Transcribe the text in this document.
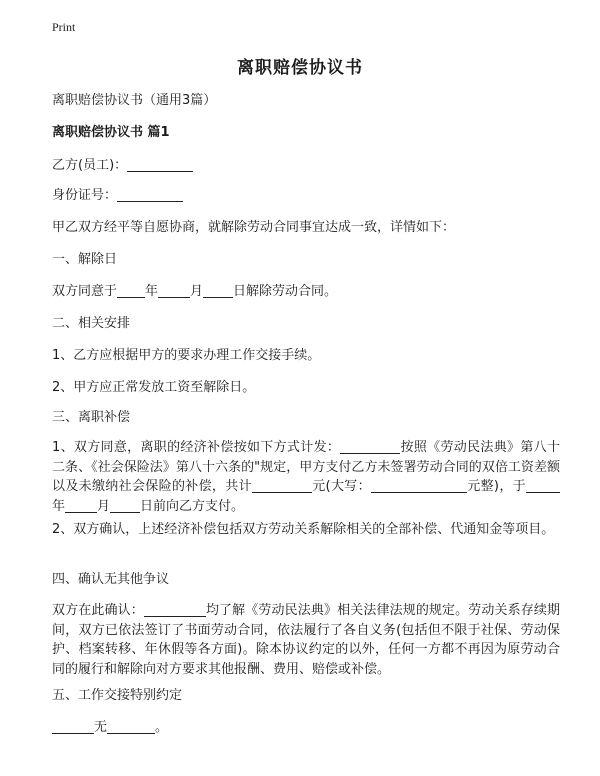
Print
离职赔偿协议书
离职赔偿协议书（通用3篇）
离职赔偿协议书 篇1
乙方(员工)：
身份证号：
甲乙双方经平等自愿协商，就解除劳动合同事宜达成一致，详情如下：
一、解除日
双方同意于 年 月 日解除劳动合同。
二、相关安排
1、乙方应根据甲方的要求办理工作交接手续。
2、甲方应正常发放工资至解除日。
三、离职补偿
1、双方同意，离职的经济补偿按如下方式计发：	按照《劳动民法典》第八十二条、《社会保险法》第八十六条的"规定，甲方支付乙方未签署劳动合同的双倍工资差额以及未缴纳社会保险的补偿，共计	元(大写：	元整)，于年 月 日前向乙方支付。
2、双方确认，上述经济补偿包括双方劳动关系解除相关的全部补偿、代通知金等项目。
四、确认无其他争议
双方在此确认：	均了解《劳动民法典》相关法律法规的规定。劳动关系存续期间，双方已依法签订了书面劳动合同，依法履行了各自义务(包括但不限于社保、劳动保护、档案转移、年休假等各方面)。除本协议约定的以外，任何一方都不再因为原劳动合同的履行和解除向对方要求其他报酬、费用、赔偿或补偿。
五、工作交接特别约定
无	。
